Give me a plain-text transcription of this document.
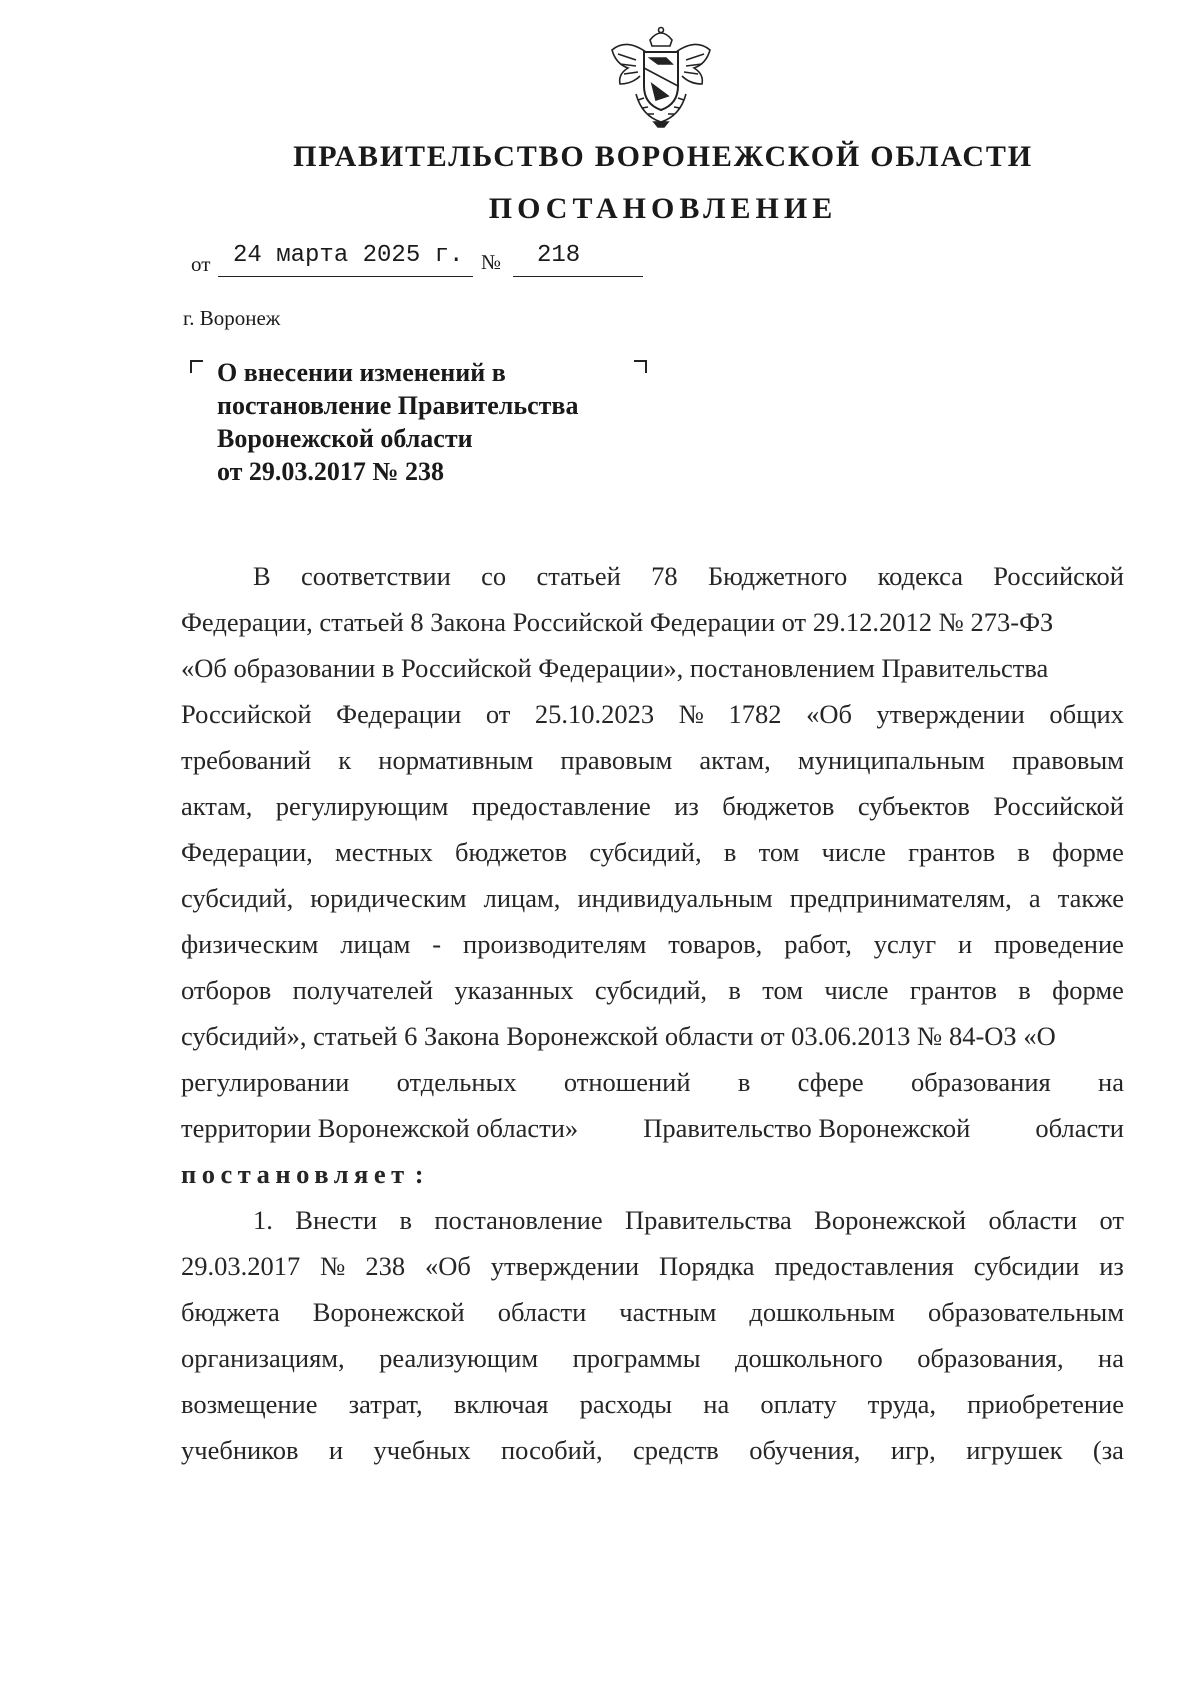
ПРАВИТЕЛЬСТВО ВОРОНЕЖСКОЙ ОБЛАСТИ
ПОСТАНОВЛЕНИЕ
от 24 марта 2025 г. № 218
г. Воронеж
О внесении изменений в
постановление Правительства
Воронежской области
от 29.03.2017 № 238
В соответствии со статьей 78 Бюджетного кодекса Российской
Федерации, статьей 8 Закона Российской Федерации от 29.12.2012 № 273-ФЗ
«Об образовании в Российской Федерации», постановлением Правительства
Российской Федерации от 25.10.2023 № 1782 «Об утверждении общих
требований к нормативным правовым актам, муниципальным правовым
актам, регулирующим предоставление из бюджетов субъектов Российской
Федерации, местных бюджетов субсидий, в том числе грантов в форме
субсидий, юридическим лицам, индивидуальным предпринимателям, а также
физическим лицам - производителям товаров, работ, услуг и проведение
отборов получателей указанных субсидий, в том числе грантов в форме
субсидий», статьей 6 Закона Воронежской области от 03.06.2013 № 84-ОЗ «О
регулировании отдельных отношений в сфере образования на
территории Воронежской области» Правительство Воронежской области
постановляет :
1. Внести в постановление Правительства Воронежской области от
29.03.2017 № 238 «Об утверждении Порядка предоставления субсидии из
бюджета Воронежской области частным дошкольным образовательным
организациям, реализующим программы дошкольного образования, на
возмещение затрат, включая расходы на оплату труда, приобретение
учебников и учебных пособий, средств обучения, игр, игрушек (за
